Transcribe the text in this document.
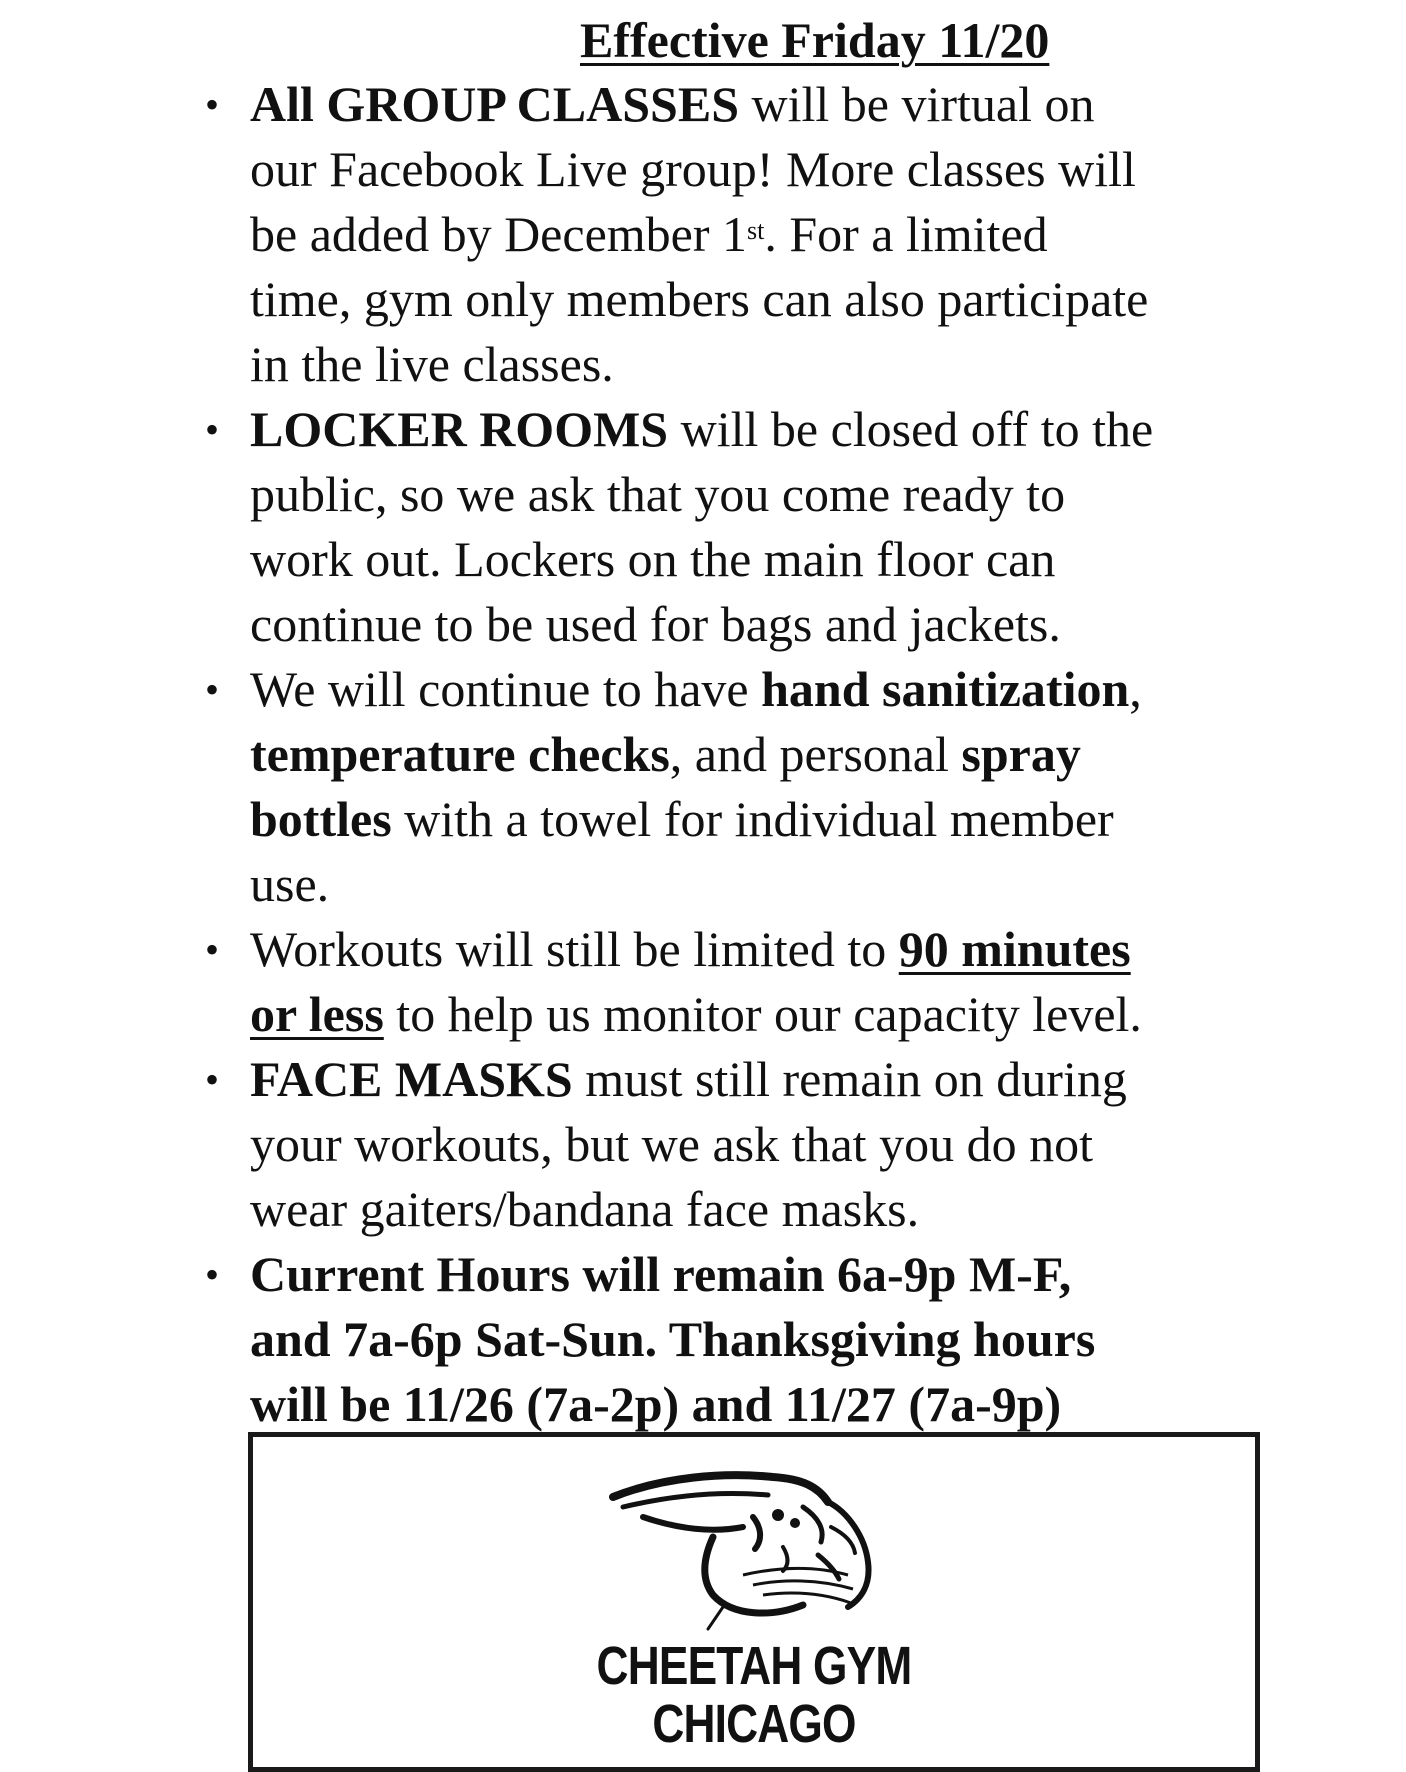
Effective Friday 11/20
• All GROUP CLASSES will be virtual on
our Facebook Live group! More classes will
be added by December 1st. For a limited
time, gym only members can also participate
in the live classes.
• LOCKER ROOMS will be closed off to the
public, so we ask that you come ready to
work out. Lockers on the main floor can
continue to be used for bags and jackets.
• We will continue to have hand sanitization,
temperature checks, and personal spray
bottles with a towel for individual member
use.
• Workouts will still be limited to 90 minutes
or less to help us monitor our capacity level.
• FACE MASKS must still remain on during
your workouts, but we ask that you do not
wear gaiters/bandana face masks.
• Current Hours will remain 6a-9p M-F,
and 7a-6p Sat-Sun. Thanksgiving hours
will be 11/26 (7a-2p) and 11/27 (7a-9p)
CHEETAH GYM
CHICAGO
